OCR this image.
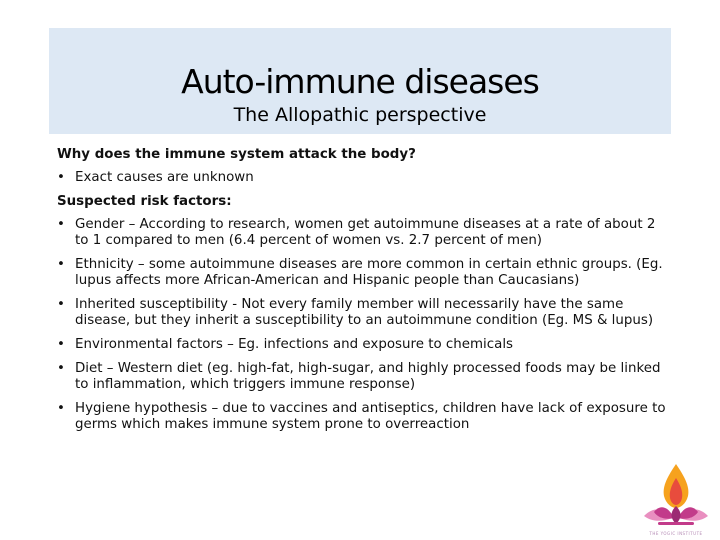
Auto-immune diseases
The Allopathic perspective
Why does the immune system attack the body?
• Exact causes are unknown
Suspected risk factors:
• Gender – According to research, women get autoimmune diseases at a rate of about 2 to 1 compared to men (6.4 percent of women vs. 2.7 percent of men)
• Ethnicity – some autoimmune diseases are more common in certain ethnic groups. (Eg. lupus affects more African-American and Hispanic people than Caucasians)
• Inherited susceptibility - Not every family member will necessarily have the same disease, but they inherit a susceptibility to an autoimmune condition (Eg. MS & lupus)
• Environmental factors – Eg. infections and exposure to chemicals
• Diet – Western diet (eg. high-fat, high-sugar, and highly processed foods may be linked to inflammation, which triggers immune response)
• Hygiene hypothesis – due to vaccines and antiseptics, children have lack of exposure to germs which makes immune system prone to overreaction
THE YOGIC INSTITUTE
